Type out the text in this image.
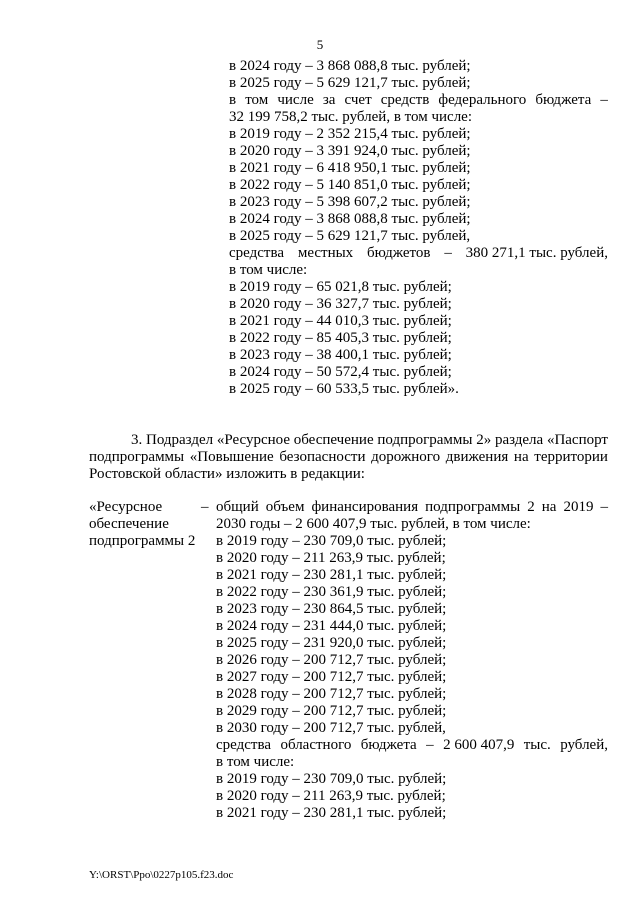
5
в 2024 году – 3 868 088,8 тыс. рублей;
в 2025 году – 5 629 121,7 тыс. рублей;
в том числе за счет средств федерального бюджета –
32 199 758,2 тыс. рублей, в том числе:
в 2019 году – 2 352 215,4 тыс. рублей;
в 2020 году – 3 391 924,0 тыс. рублей;
в 2021 году – 6 418 950,1 тыс. рублей;
в 2022 году – 5 140 851,0 тыс. рублей;
в 2023 году – 5 398 607,2 тыс. рублей;
в 2024 году – 3 868 088,8 тыс. рублей;
в 2025 году – 5 629 121,7 тыс. рублей,
средства местных бюджетов – 380 271,1 тыс. рублей,
в том числе:
в 2019 году – 65 021,8 тыс. рублей;
в 2020 году – 36 327,7 тыс. рублей;
в 2021 году – 44 010,3 тыс. рублей;
в 2022 году – 85 405,3 тыс. рублей;
в 2023 году – 38 400,1 тыс. рублей;
в 2024 году – 50 572,4 тыс. рублей;
в 2025 году – 60 533,5 тыс. рублей».
3. Подраздел «Ресурсное обеспечение подпрограммы 2» раздела «Паспорт
подпрограммы «Повышение безопасности дорожного движения на территории
Ростовской области» изложить в редакции:
«Ресурсное
обеспечение
подпрограммы 2
– общий объем финансирования подпрограммы 2 на 2019 –
2030 годы – 2 600 407,9 тыс. рублей, в том числе:
в 2019 году – 230 709,0 тыс. рублей;
в 2020 году – 211 263,9 тыс. рублей;
в 2021 году – 230 281,1 тыс. рублей;
в 2022 году – 230 361,9 тыс. рублей;
в 2023 году – 230 864,5 тыс. рублей;
в 2024 году – 231 444,0 тыс. рублей;
в 2025 году – 231 920,0 тыс. рублей;
в 2026 году – 200 712,7 тыс. рублей;
в 2027 году – 200 712,7 тыс. рублей;
в 2028 году – 200 712,7 тыс. рублей;
в 2029 году – 200 712,7 тыс. рублей;
в 2030 году – 200 712,7 тыс. рублей,
средства областного бюджета – 2 600 407,9 тыс. рублей,
в том числе:
в 2019 году – 230 709,0 тыс. рублей;
в 2020 году – 211 263,9 тыс. рублей;
в 2021 году – 230 281,1 тыс. рублей;
Y:\ORST\Ppo\0227p105.f23.doc
